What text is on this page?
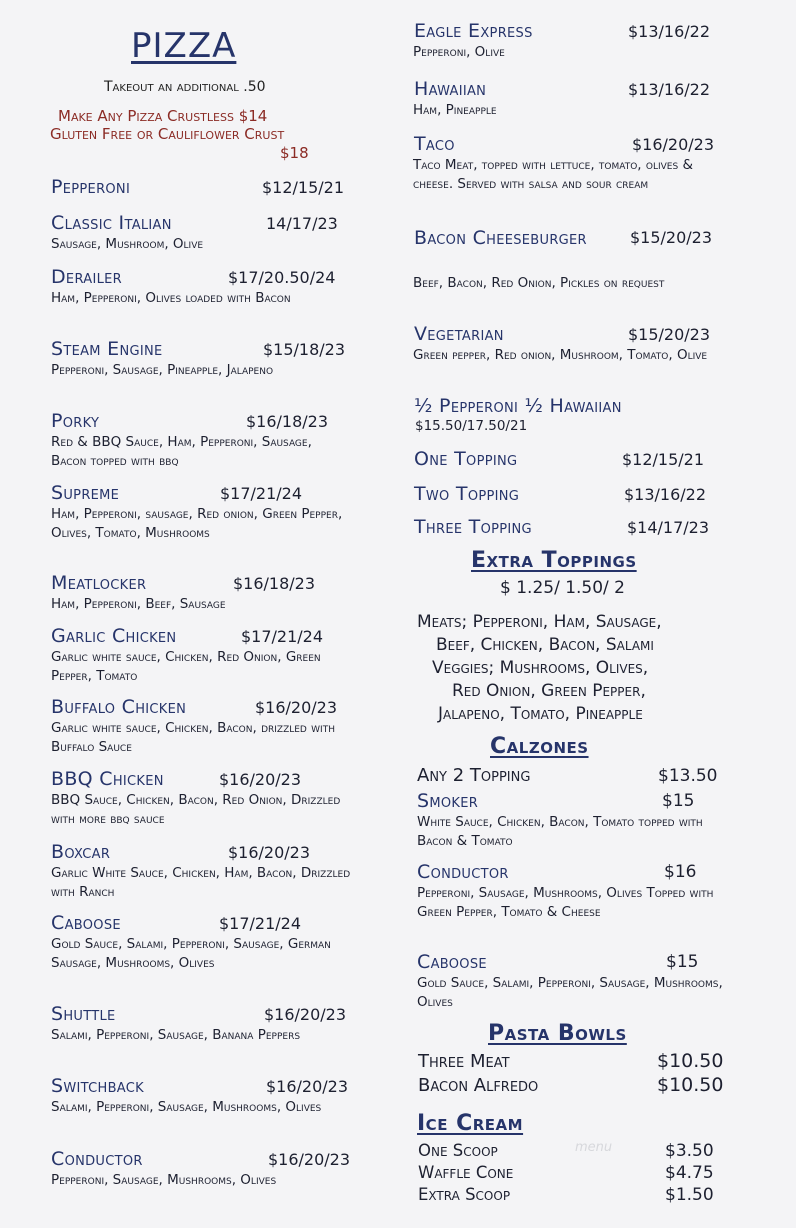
PIZZA
Takeout an additional .50
Make Any Pizza Crustless $14
Gluten Free or Cauliflower Crust
$18
Pepperoni	$12/15/21
Classic Italian	14/17/23
Sausage, Mushroom, Olive
Derailer	$17/20.50/24
Ham, Pepperoni, Olives loaded with Bacon
Steam Engine	$15/18/23
Pepperoni, Sausage, Pineapple, Jalapeno
Porky	$16/18/23
Red & BBQ Sauce, Ham, Pepperoni, Sausage, Bacon topped with bbq
Supreme	$17/21/24
Ham, Pepperoni, sausage, Red onion, Green Pepper, Olives, Tomato, Mushrooms
Meatlocker	$16/18/23
Ham, Pepperoni, Beef, Sausage
Garlic Chicken	$17/21/24
Garlic white sauce, Chicken, Red Onion, Green Pepper, Tomato
Buffalo Chicken	$16/20/23
Garlic white sauce, Chicken, Bacon, drizzled with Buffalo Sauce
BBQ Chicken	$16/20/23
BBQ Sauce, Chicken, Bacon, Red Onion, Drizzled with more bbq sauce
Boxcar	$16/20/23
Garlic White Sauce, Chicken, Ham, Bacon, Drizzled with Ranch
Caboose	$17/21/24
Gold Sauce, Salami, Pepperoni, Sausage, German Sausage, Mushrooms, Olives
Shuttle	$16/20/23
Salami, Pepperoni, Sausage, Banana Peppers
Switchback	$16/20/23
Salami, Pepperoni, Sausage, Mushrooms, Olives
Conductor	$16/20/23
Pepperoni, Sausage, Mushrooms, Olives
Eagle Express	$13/16/22
Pepperoni, Olive
Hawaiian	$13/16/22
Ham, Pineapple
Taco	$16/20/23
Taco Meat, topped with lettuce, tomato, olives & cheese. Served with salsa and sour cream
Bacon Cheeseburger	$15/20/23
Beef, Bacon, Red Onion, Pickles on request
Vegetarian	$15/20/23
Green pepper, Red onion, Mushroom, Tomato, Olive
½ Pepperoni ½ Hawaiian
$15.50/17.50/21
One Topping	$12/15/21
Two Topping	$13/16/22
Three Topping	$14/17/23
Extra Toppings
$ 1.25/ 1.50/ 2
Meats; Pepperoni, Ham, Sausage,
Beef, Chicken, Bacon, Salami
Veggies; Mushrooms, Olives,
Red Onion, Green Pepper,
Jalapeno, Tomato, Pineapple
Calzones
Any 2 Topping	$13.50
Smoker	$15
White Sauce, Chicken, Bacon, Tomato topped with Bacon & Tomato
Conductor	$16
Pepperoni, Sausage, Mushrooms, Olives Topped with Green Pepper, Tomato & Cheese
Caboose	$15
Gold Sauce, Salami, Pepperoni, Sausage, Mushrooms, Olives
Pasta Bowls
Three Meat	$10.50
Bacon Alfredo	$10.50
Ice Cream
One Scoop	$3.50
Waffle Cone	$4.75
Extra Scoop	$1.50
menu
